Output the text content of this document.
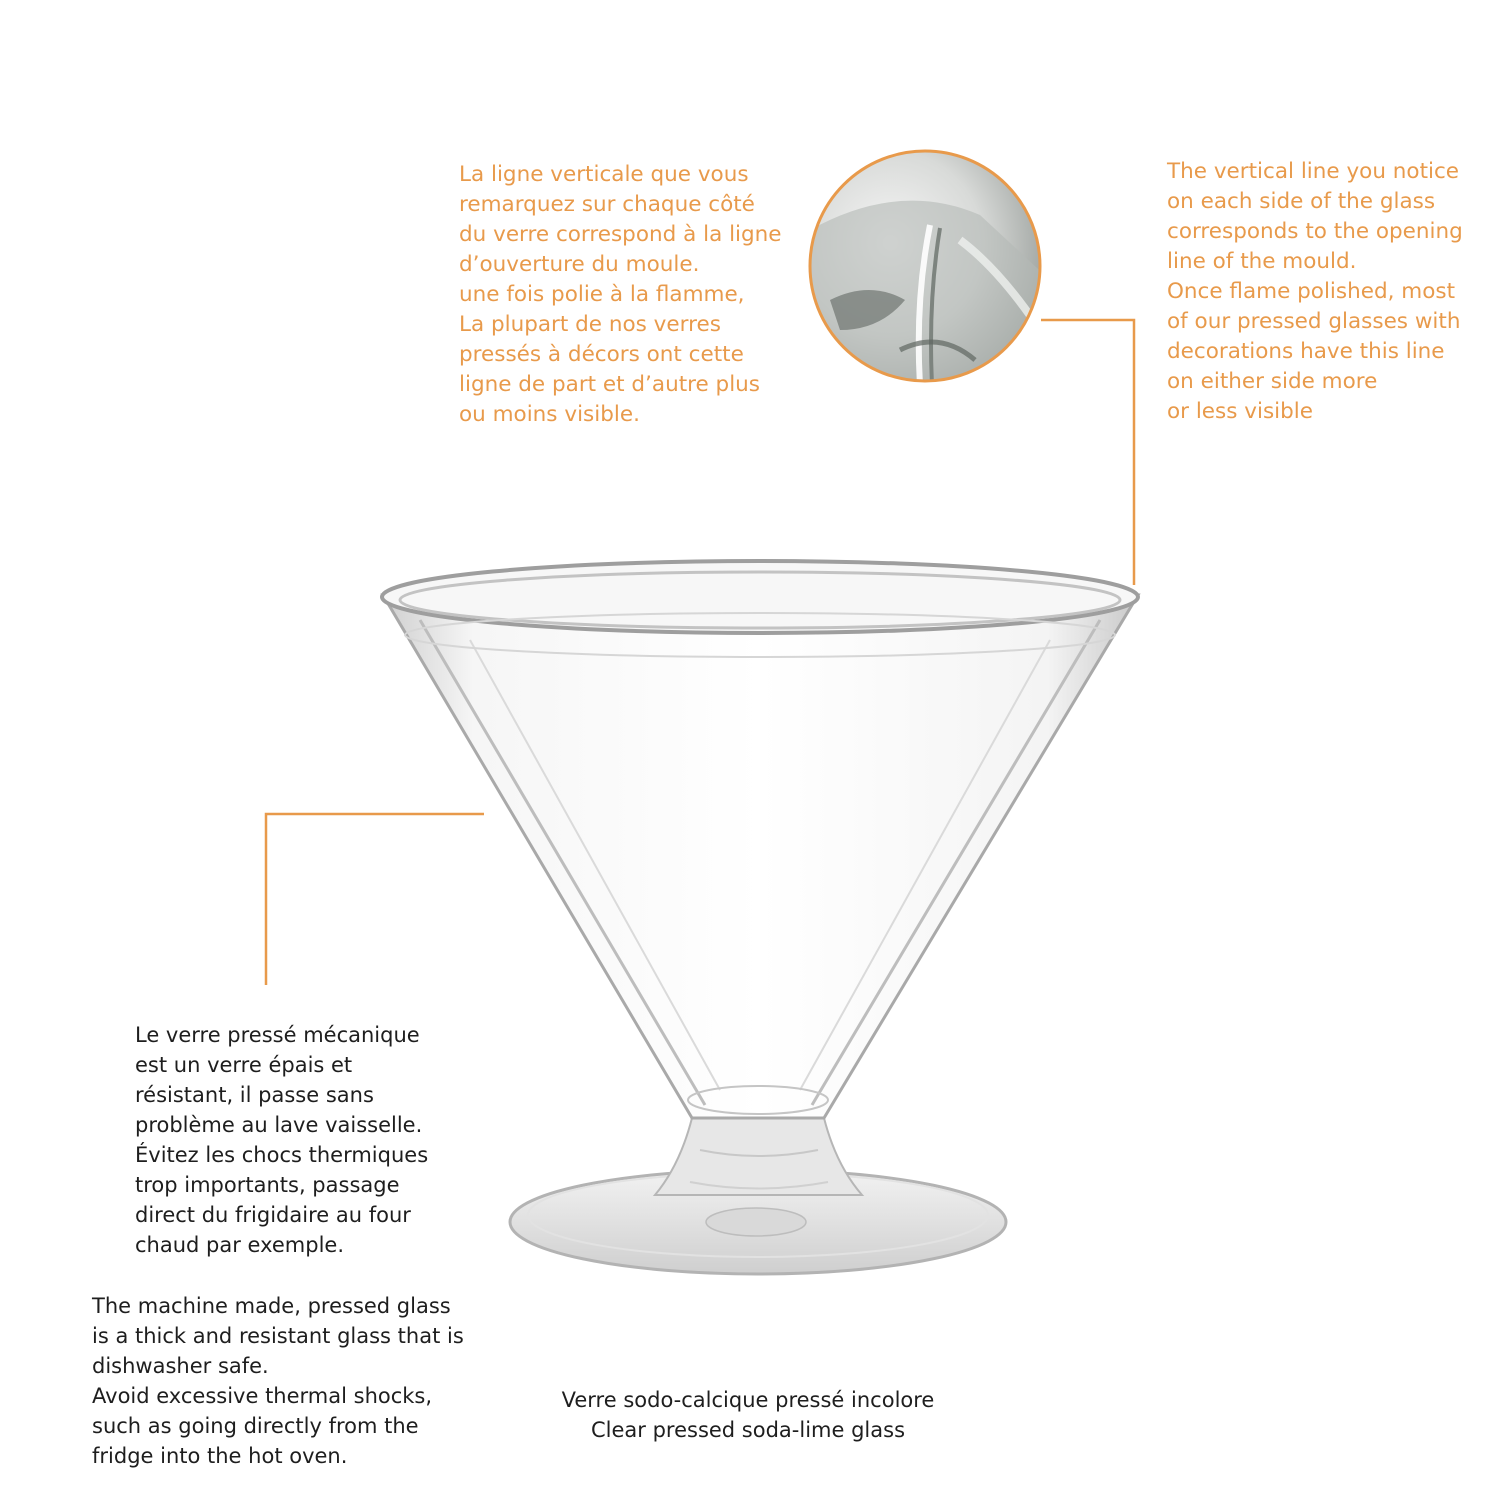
La ligne verticale que vous
remarquez sur chaque côté
du verre correspond à la ligne
d’ouverture du moule.
une fois polie à la flamme,
La plupart de nos verres
pressés à décors ont cette
ligne de part et d’autre plus
ou moins visible.

The vertical line you notice
on each side of the glass
corresponds to the opening
line of the mould.
Once flame polished, most
of our pressed glasses with
decorations have this line
on either side more
or less visible

Le verre pressé mécanique
est un verre épais et
résistant, il passe sans
problème au lave vaisselle.
Évitez les chocs thermiques
trop importants, passage
direct du frigidaire au four
chaud par exemple.

The machine made, pressed glass
is a thick and resistant glass that is
dishwasher safe.
Avoid excessive thermal shocks,
such as going directly from the
fridge into the hot oven.

Verre sodo-calcique pressé incolore

Clear pressed soda-lime glass
